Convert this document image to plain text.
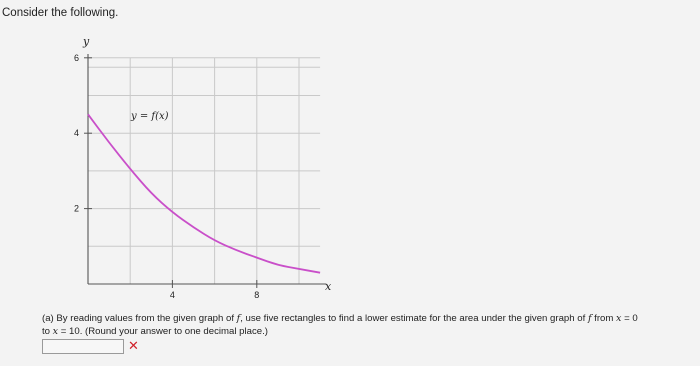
Consider the following.
6
4
2
4	8
y
x
y = f(x)
(a) By reading values from the given graph of f, use five rectangles to find a lower estimate for the area under the given graph of f from x = 0
to x = 10. (Round your answer to one decimal place.)
✕
